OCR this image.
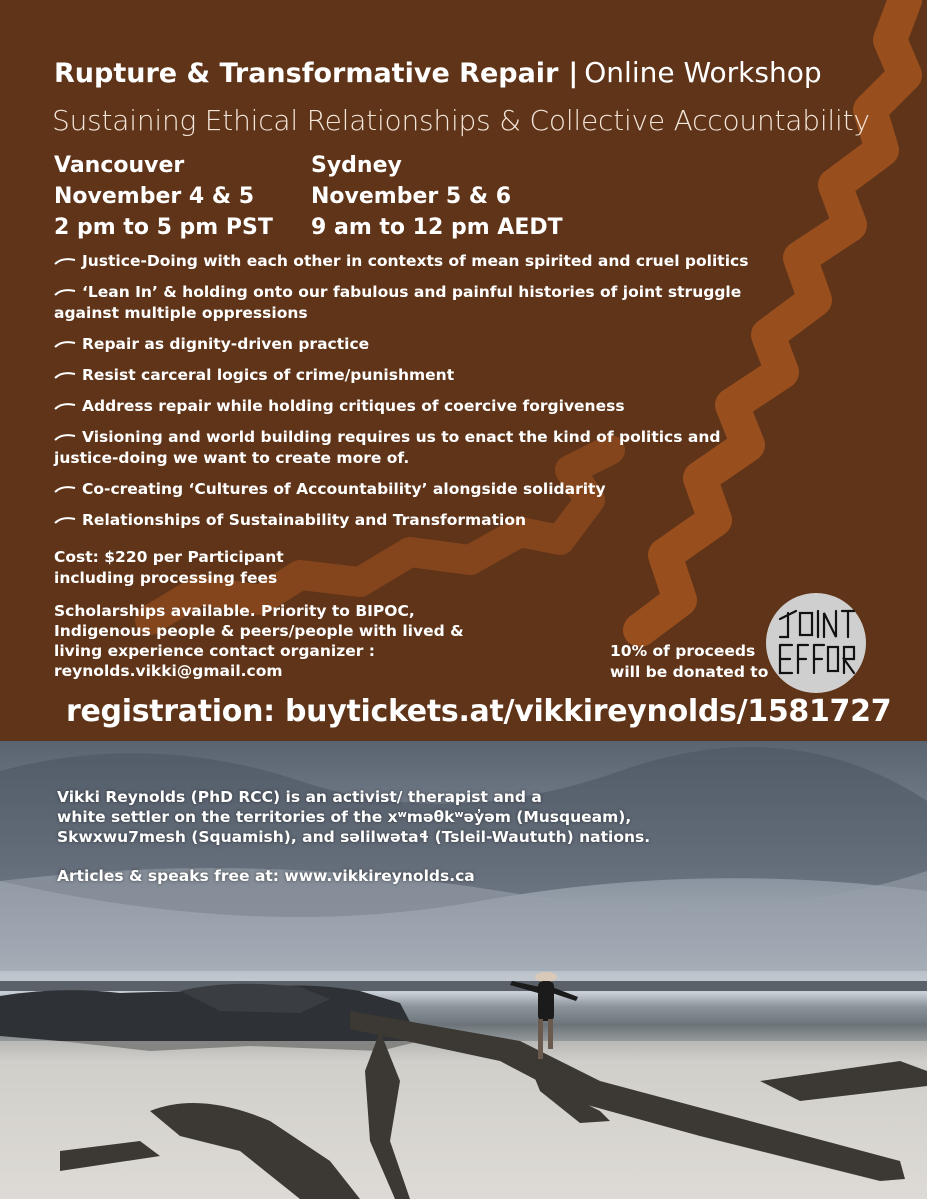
Rupture & Transformative Repair | Online Workshop
Sustaining Ethical Relationships & Collective Accountability
Vancouver
November 4 & 5
2 pm to 5 pm PST
Sydney
November 5 & 6
9 am to 12 pm AEDT
Justice-Doing with each other in contexts of mean spirited and cruel politics
‘Lean In’ & holding onto our fabulous and painful histories of joint struggle against multiple oppressions
Repair as dignity-driven practice
Resist carceral logics of crime/punishment
Address repair while holding critiques of coercive forgiveness
Visioning and world building requires us to enact the kind of politics and justice-doing we want to create more of.
Co-creating ‘Cultures of Accountability’ alongside solidarity
Relationships of Sustainability and Transformation
Cost: $220 per Participant
including processing fees
Scholarships available. Priority to BIPOC,
Indigenous people & peers/people with lived &
living experience contact organizer :
reynolds.vikki@gmail.com
10% of proceeds
will be donated to
registration: buytickets.at/vikkireynolds/1581727
Vikki Reynolds (PhD RCC) is an activist/ therapist and a
white settler on the territories of the xʷməθkʷəy̓əm (Musqueam),
Skwxwu7mesh (Squamish), and səlilwətaɬ (Tsleil-Waututh) nations.
Articles & speaks free at: www.vikkireynolds.ca
